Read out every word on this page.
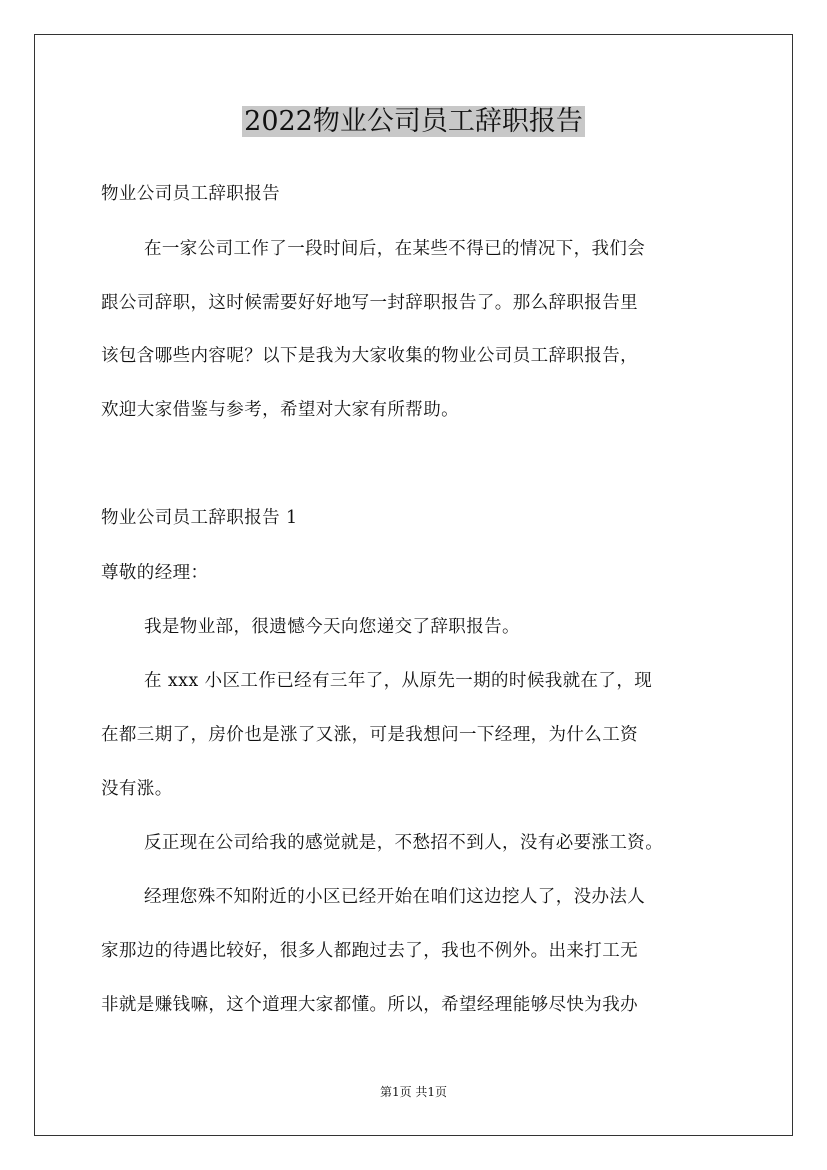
2022物业公司员工辞职报告

物业公司员工辞职报告

在一家公司工作了一段时间后，在某些不得已的情况下，我们会

跟公司辞职，这时候需要好好地写一封辞职报告了。那么辞职报告里

该包含哪些内容呢？以下是我为大家收集的物业公司员工辞职报告，

欢迎大家借鉴与参考，希望对大家有所帮助。

物业公司员工辞职报告 1

尊敬的经理：

我是物业部，很遗憾今天向您递交了辞职报告。

在 xxx 小区工作已经有三年了，从原先一期的时候我就在了，现

在都三期了，房价也是涨了又涨，可是我想问一下经理，为什么工资

没有涨。

反正现在公司给我的感觉就是，不愁招不到人，没有必要涨工资。

经理您殊不知附近的小区已经开始在咱们这边挖人了，没办法人

家那边的待遇比较好，很多人都跑过去了，我也不例外。出来打工无

非就是赚钱嘛，这个道理大家都懂。所以，希望经理能够尽快为我办

第1页 共1页
